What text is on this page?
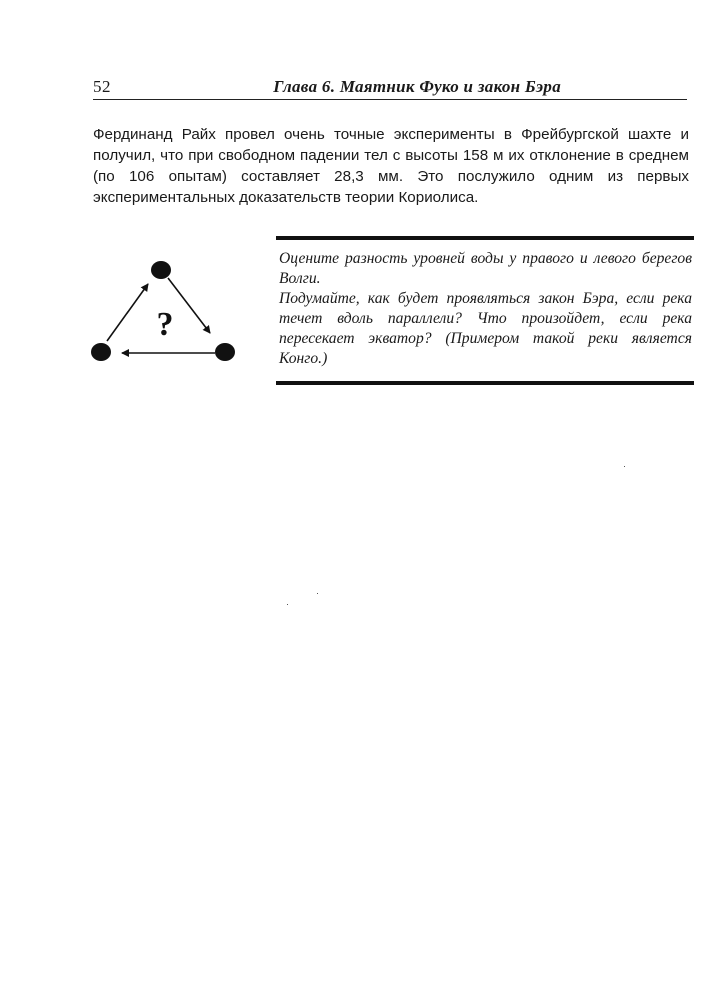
52	Глава 6. Маятник Фуко и закон Бэра

Фердинанд Райх провел очень точные эксперименты в Фрейбургской шахте и получил, что при свободном падении тел с высоты 158 м их отклонение в среднем (по 106 опытам) составляет 28,3 мм. Это послужило одним из первых экспериментальных доказательств теории Кориолиса.

?

Оцените разность уровней воды у правого и левого берегов Волги.

Подумайте, как будет проявляться закон Бэра, если река течет вдоль параллели? Что произойдет, если река пересекает экватор? (Примером такой реки является Конго.)
